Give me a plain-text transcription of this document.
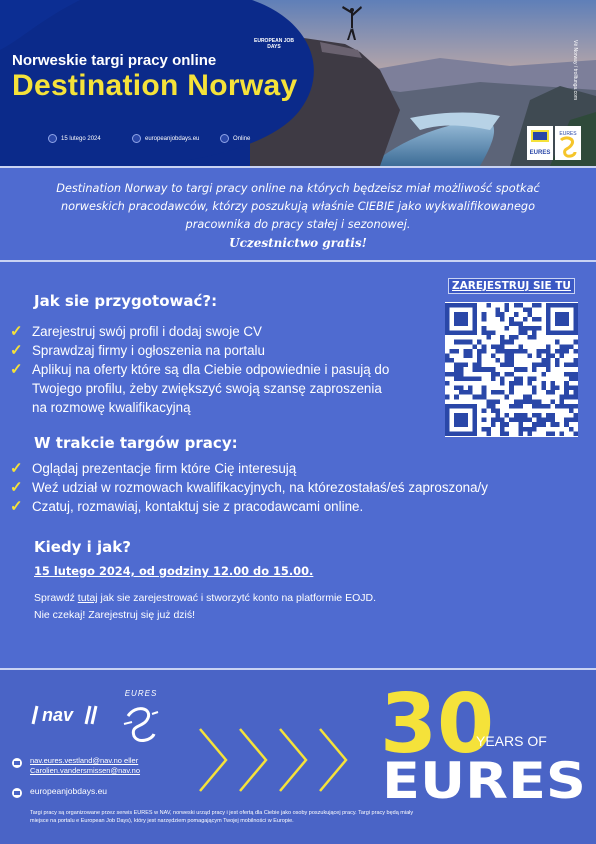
Norweskie targi pracy online
Destination Norway
EUROPEAN JOB DAYS
15 lutego 2024	europeanjobdays.eu	Online
Vé Norway / trolltunga.com
EURES
EURES
Destination Norway to targi pracy online na których będzeisz miał możliwość spotkać norweskich pracodawców, którzy poszukują właśnie CIEBIE jako wykwalifikowanego pracownika do pracy stałej i sezonowej.
Uczestnictwo gratis!
Jak sie przygotować?:
✓ Zarejestruj swój profil i dodaj swoje CV
✓ Sprawdzaj firmy i ogłoszenia na portalu
✓ Aplikuj na oferty które są dla Ciebie odpowiednie i pasują do Twojego profilu, żeby zwiększyć swoją szansę zaproszenia na rozmowę kwalifikacyjną
W trakcie targów pracy:
✓ Oglądaj prezentacje firm które Cię interesują
✓ Weź udział w rozmowach kwalifikacyjnych, na którezostałaś/eś zaproszona/y
✓ Czatuj, rozmawiaj, kontaktuj sie z pracodawcami online.
ZAREJESTRUJ SIE TU
Kiedy i jak?
15 lutego 2024, od godziny 12.00 do 15.00.
Sprawdź tutaj jak sie zarejestrować i stworzytć konto na platformie EOJD.
Nie czekaj! Zarejestruj się już dziś!
nav
EURES	30
YEARS OF
EURES
nav.eures.vestland@nav.no eller
Carolien.vandersmissen@nav.no
europeanjobdays.eu
Targi pracy są organizowane przez serwis EURES w NAV, norweski urząd pracy i jest ofertą dla Ciebie jako osoby poszukującej pracy. Targi pracy będą miały miejsce na portalu e European Job Days), który jest narzędziem pomagającym Twojej mobilności w Europie.
